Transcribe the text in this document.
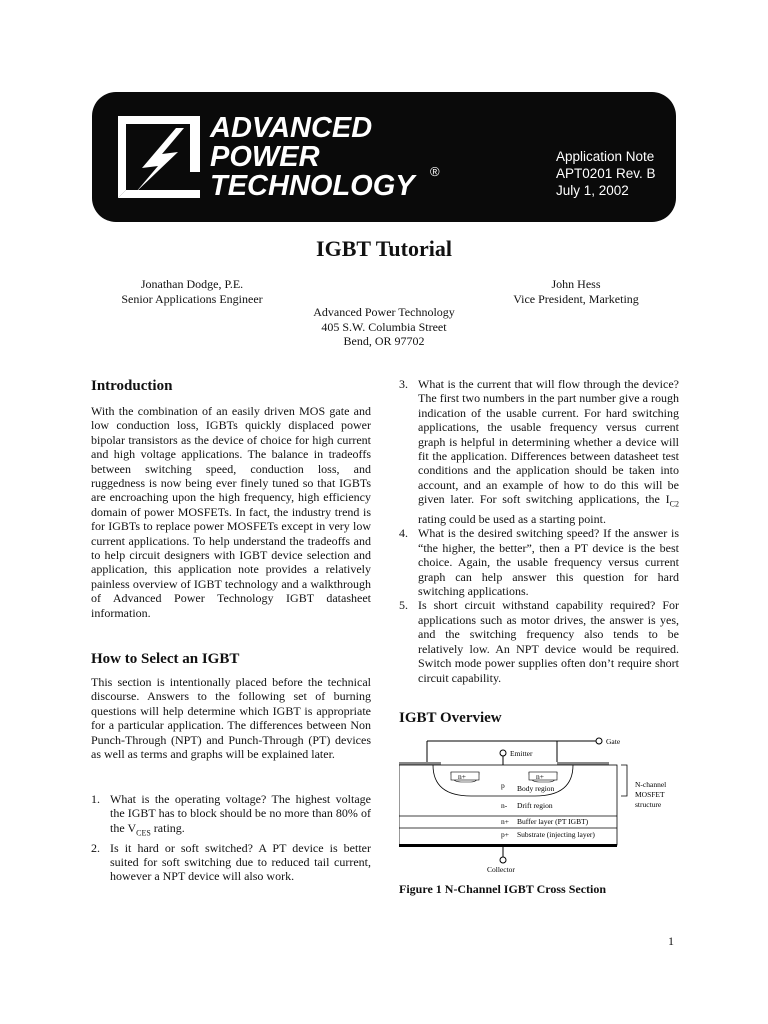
ADVANCED
POWER
TECHNOLOGY	®
Application Note
APT0201 Rev. B
July 1, 2002
IGBT Tutorial
Jonathan Dodge, P.E.
Senior Applications Engineer
John Hess
Vice President, Marketing
Advanced Power Technology
405 S.W. Columbia Street
Bend, OR 97702
Introduction
With the combination of an easily driven MOS gate and low conduction loss, IGBTs quickly displaced power bipolar transistors as the device of choice for high current and high voltage applications. The balance in tradeoffs between switching speed, conduction loss, and ruggedness is now being ever finely tuned so that IGBTs are encroaching upon the high frequency, high efficiency domain of power MOSFETs. In fact, the industry trend is for IGBTs to replace power MOSFETs except in very low current applications. To help understand the tradeoffs and to help circuit designers with IGBT device selection and application, this application note provides a relatively painless overview of IGBT technology and a walkthrough of Advanced Power Technology IGBT datasheet information.
How to Select an IGBT
This section is intentionally placed before the technical discourse. Answers to the following set of burning questions will help determine which IGBT is appropriate for a particular application. The differences between Non Punch-Through (NPT) and Punch-Through (PT) devices as well as terms and graphs will be explained later.
1. What is the operating voltage? The highest voltage the IGBT has to block should be no more than 80% of the $V_{CES}$ rating.
2. Is it hard or soft switched? A PT device is better suited for soft switching due to reduced tail current, however a NPT device will also work.
3. What is the current that will flow through the device? The first two numbers in the part number give a rough indication of the usable current. For hard switching applications, the usable frequency versus current graph is helpful in determining whether a device will fit the application. Differences between datasheet test conditions and the application should be taken into account, and an example of how to do this will be given later. For soft switching applications, the $I_{C2}$ rating could be used as a starting point.
4. What is the desired switching speed? If the answer is “the higher, the better”, then a PT device is the best choice. Again, the usable frequency versus current graph can help answer this question for hard switching applications.
5. Is short circuit withstand capability required? For applications such as motor drives, the answer is yes, and the switching frequency also tends to be relatively low. An NPT device would be required. Switch mode power supplies often don’t require short circuit capability.
IGBT Overview
Gate
Emitter
n+	n+
p Body region
n- Drift region
n+ Buffer layer (PT IGBT)
p+ Substrate (injecting layer)
Collector
N-channel
MOSFET
structure
Figure 1 N-Channel IGBT Cross Section
1
